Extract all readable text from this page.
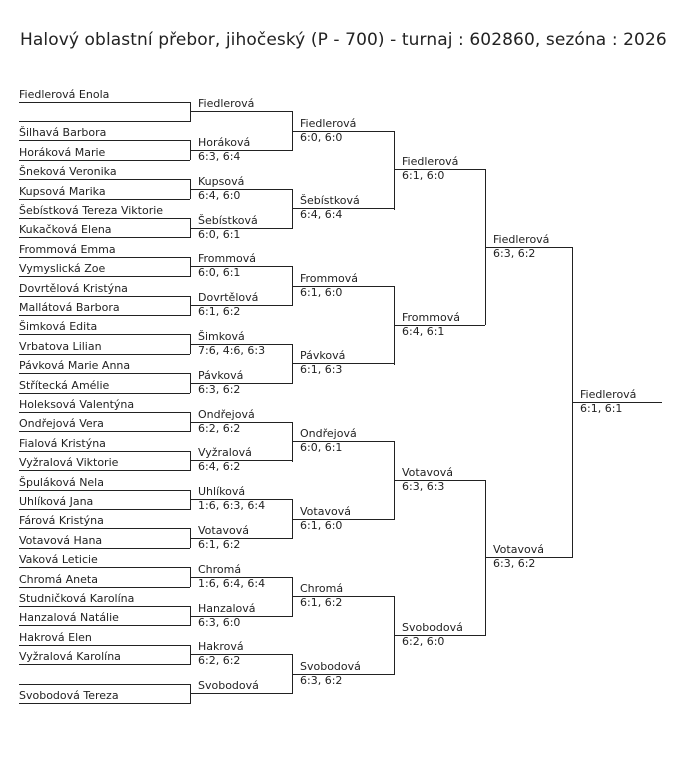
Halový oblastní přebor, jihočeský (P - 700) - turnaj : 602860, sezóna : 2026
Fiedlerová Enola
Šilhavá Barbora
Horáková Marie
Šneková Veronika
Kupsová Marika
Šebístková Tereza Viktorie
Kukačková Elena
Frommová Emma
Vymyslická Zoe
Dovrtělová Kristýna
Mallátová Barbora
Šimková Edita
Vrbatova Lilian
Pávková Marie Anna
Střítecká Amélie
Holeksová Valentýna
Ondřejová Vera
Fialová Kristýna
Vyžralová Viktorie
Špuláková Nela
Uhlíková Jana
Fárová Kristýna
Votavová Hana
Vaková Leticie
Chromá Aneta
Studničková Karolína
Hanzalová Natálie
Hakrová Elen
Vyžralová Karolína
Svobodová Tereza
Fiedlerová
Horáková
6:3, 6:4
Kupsová
6:4, 6:0
Šebístková
6:0, 6:1
Frommová
6:0, 6:1
Dovrtělová
6:1, 6:2
Šimková
7:6, 4:6, 6:3
Pávková
6:3, 6:2
Ondřejová
6:2, 6:2
Vyžralová
6:4, 6:2
Uhlíková
1:6, 6:3, 6:4
Votavová
6:1, 6:2
Chromá
1:6, 6:4, 6:4
Hanzalová
6:3, 6:0
Hakrová
6:2, 6:2
Svobodová
Fiedlerová
6:0, 6:0
Šebístková
6:4, 6:4
Frommová
6:1, 6:0
Pávková
6:1, 6:3
Ondřejová
6:0, 6:1
Votavová
6:1, 6:0
Chromá
6:1, 6:2
Svobodová
6:3, 6:2
Fiedlerová
6:1, 6:0
Frommová
6:4, 6:1
Votavová
6:3, 6:3
Svobodová
6:2, 6:0
Fiedlerová
6:3, 6:2
Votavová
6:3, 6:2
Fiedlerová
6:1, 6:1
